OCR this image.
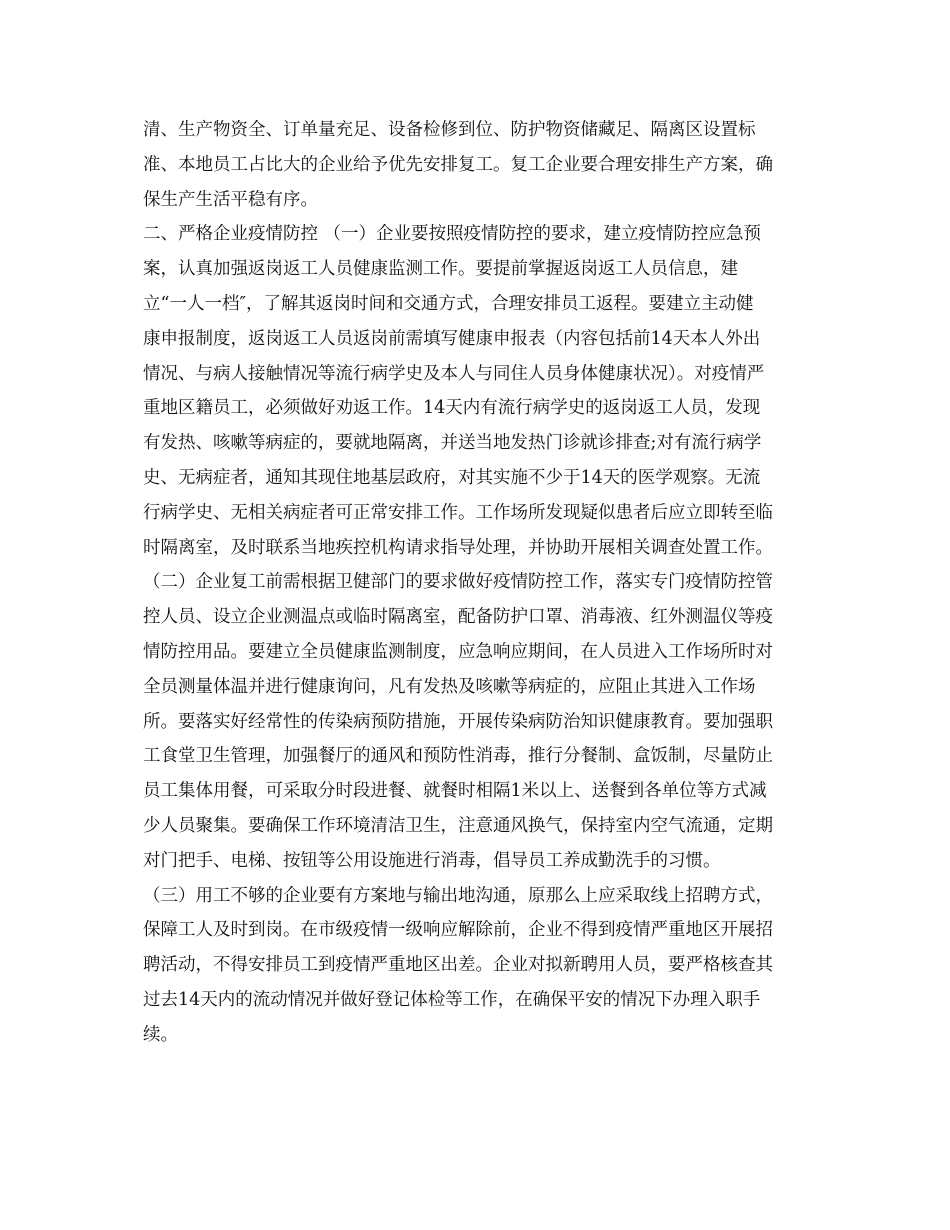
清、生产物资全、订单量充足、设备检修到位、防护物资储藏足、隔离区设置标
准、本地员工占比大的企业给予优先安排复工。复工企业要合理安排生产方案，确
保生产生活平稳有序。
二、严格企业疫情防控 （一）企业要按照疫情防控的要求，建立疫情防控应急预
案，认真加强返岗返工人员健康监测工作。要提前掌握返岗返工人员信息，建
立“一人一档″，了解其返岗时间和交通方式，合理安排员工返程。要建立主动健
康申报制度，返岗返工人员返岗前需填写健康申报表（内容包括前14天本人外出
情况、与病人接触情况等流行病学史及本人与同住人员身体健康状况）。对疫情严
重地区籍员工，必须做好劝返工作。14天内有流行病学史的返岗返工人员，发现
有发热、咳嗽等病症的，要就地隔离，并送当地发热门诊就诊排查;对有流行病学
史、无病症者，通知其现住地基层政府，对其实施不少于14天的医学观察。无流
行病学史、无相关病症者可正常安排工作。工作场所发现疑似患者后应立即转至临
时隔离室，及时联系当地疾控机构请求指导处理，并协助开展相关调查处置工作。
（二）企业复工前需根据卫健部门的要求做好疫情防控工作，落实专门疫情防控管
控人员、设立企业测温点或临时隔离室，配备防护口罩、消毒液、红外测温仪等疫
情防控用品。要建立全员健康监测制度，应急响应期间，在人员进入工作场所时对
全员测量体温并进行健康询问，凡有发热及咳嗽等病症的，应阻止其进入工作场
所。要落实好经常性的传染病预防措施，开展传染病防治知识健康教育。要加强职
工食堂卫生管理，加强餐厅的通风和预防性消毒，推行分餐制、盒饭制，尽量防止
员工集体用餐，可采取分时段进餐、就餐时相隔1米以上、送餐到各单位等方式减
少人员聚集。要确保工作环境清洁卫生，注意通风换气，保持室内空气流通，定期
对门把手、电梯、按钮等公用设施进行消毒，倡导员工养成勤洗手的习惯。
（三）用工不够的企业要有方案地与输出地沟通，原那么上应采取线上招聘方式，
保障工人及时到岗。在市级疫情一级响应解除前，企业不得到疫情严重地区开展招
聘活动，不得安排员工到疫情严重地区出差。企业对拟新聘用人员，要严格核查其
过去14天内的流动情况并做好登记体检等工作，在确保平安的情况下办理入职手
续。
